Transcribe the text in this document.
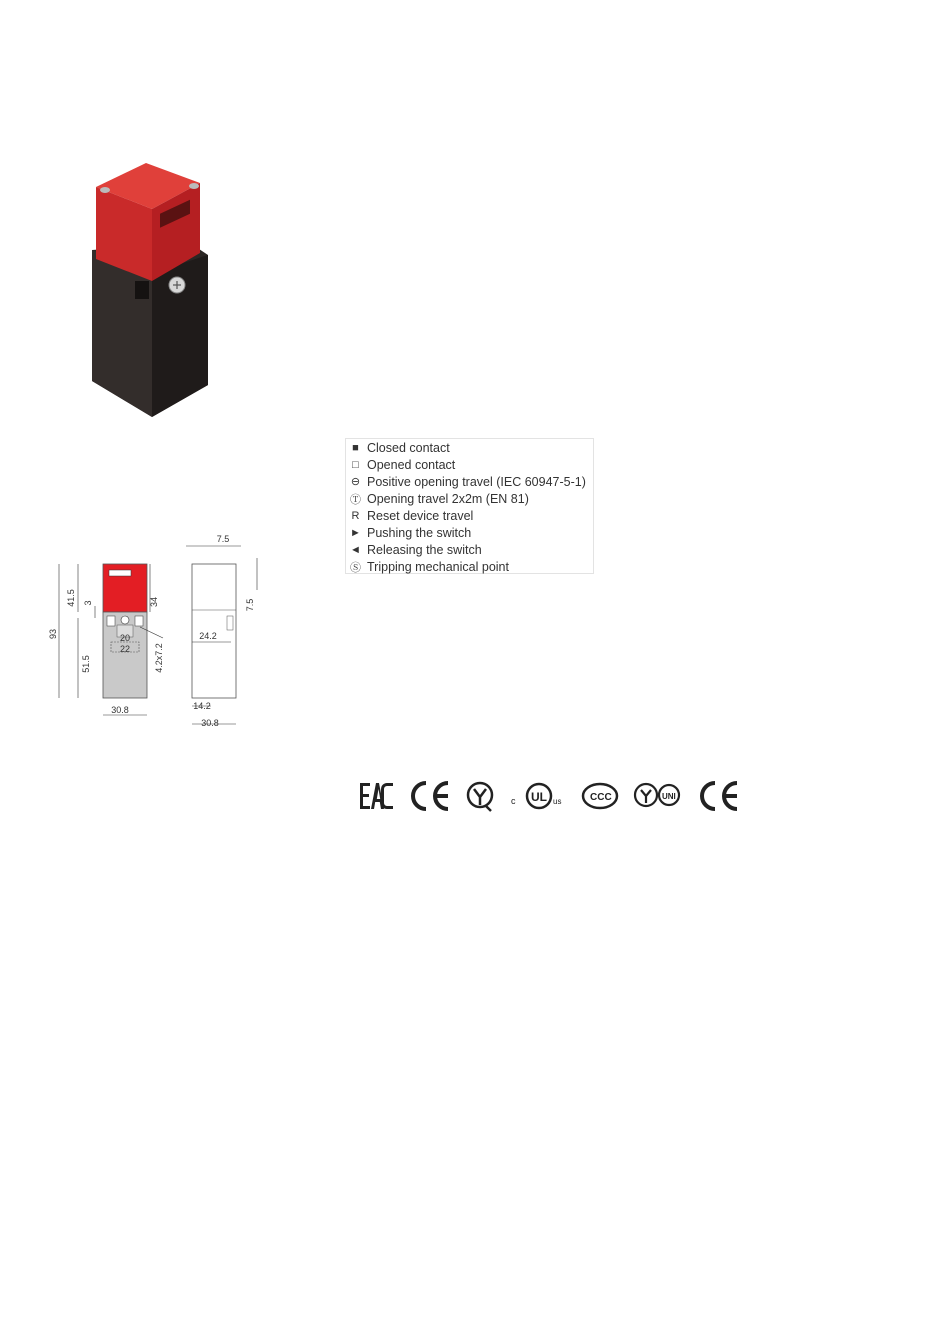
93
41.5 3
51.5
34
20
22	4.2x7.2
30.8
7.5
7.5
24.2
14.2
30.8
■ Closed contact
□ Opened contact
⊖ Positive opening travel (IEC 60947-5-1)
Ⓣ Opening travel 2x2m (EN 81)
R Reset device travel
► Pushing the switch
◄ Releasing the switch
Ⓢ Tripping mechanical point
c UL us	CCC	UNI
